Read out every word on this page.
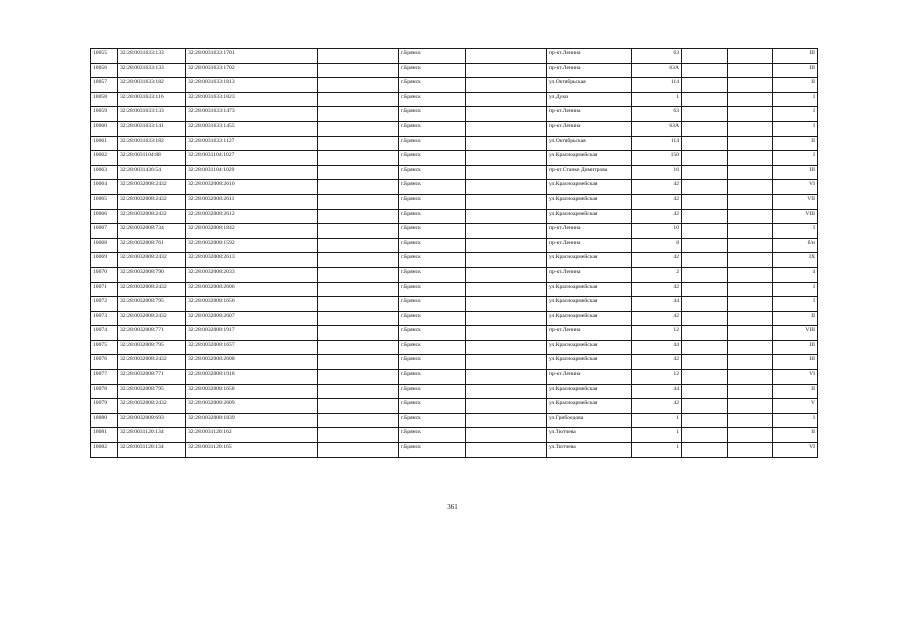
10055	32:28:0031633:133	32:28:0031633:1701		г.Брянск		пр-кт.Ленина	63			III
10056	32:28:0031633:133	32:28:0031633:1702		г.Брянск		пр-кт.Ленина	63А			III
10057	32:28:0031633:182	32:28:0031633:1813		г.Брянск		ул.Октябрьская	114			II
10058	32:28:0031633:116	32:28:0031633:1823		г.Брянск		ул.Дуки	1			I
10059	32:28:0031633:133	32:28:0031633:1473		г.Брянск		пр-кт.Ленина	63			I
10060	32:28:0031633:141	32:28:0031633:1455		г.Брянск		пр-кт.Ленина	63А			I
10061	32:28:0031633:182	32:28:0031633:1127		г.Брянск		ул.Октябрьская	114			II
10062	32:28:0031104:88	32:28:0031104:1027		г.Брянск		ул.Красноармейская	150			I
10063	32:28:0031436:54	32:28:0031104:1029		г.Брянск		пр-кт.Станке Димитрова	16			III
10064	32:28:0032008:2432	32:28:0032008:2610		г.Брянск		ул.Красноармейская	42			VI
10065	32:28:0032008:2432	32:28:0032008:2611		г.Брянск		ул.Красноармейская	42			VII
10066	32:28:0032008:2432	32:28:0032008:2612		г.Брянск		ул.Красноармейская	42			VIII
10067	32:28:0032008:734	32:28:0032008:1842		г.Брянск		пр-кт.Ленина	10			I
10068	32:28:0032008:761	32:28:0032008:1592		г.Брянск		пр-кт.Ленина	8			б/н
10069	32:28:0032008:2432	32:28:0032008:2613		г.Брянск		ул.Красноармейская	42			IX
10070	32:28:0032008:790	32:28:0032008:2033		г.Брянск		пр-кт.Ленина	2			4
10071	32:28:0032008:2432	32:28:0032008:2606		г.Брянск		ул.Красноармейская	42			I
10072	32:28:0032008:795	32:28:0032008:1656		г.Брянск		ул.Красноармейская	44			I
10073	32:28:0032008:2432	32:28:0032008:2607		г.Брянск		ул.Красноармейская	42			II
10074	32:28:0032008:771	32:28:0032008:1917		г.Брянск		пр-кт.Ленина	12			VIII
10075	32:28:0032008:795	32:28:0032008:1657		г.Брянск		ул.Красноармейская	44			III
10076	32:28:0032008:2432	32:28:0032008:2608		г.Брянск		ул.Красноармейская	42			III
10077	32:28:0032008:771	32:28:0032008:1918		г.Брянск		пр-кт.Ленина	12			VI
10078	32:28:0032008:795	32:28:0032008:1658		г.Брянск		ул.Красноармейская	44			II
10079	32:28:0032008:2432	32:28:0032008:2609		г.Брянск		ул.Красноармейская	42			V
10080	32:28:0032008:693	32:28:0032008:1839		г.Брянск		ул.Грибоедова	1			I
10081	32:28:0031120:134	32:28:0031120:162		г.Брянск		ул.Тютчева	1			II
10082	32:28:0031120:134	32:28:0031120:165		г.Брянск		ул.Тютчева	1			VI
361
